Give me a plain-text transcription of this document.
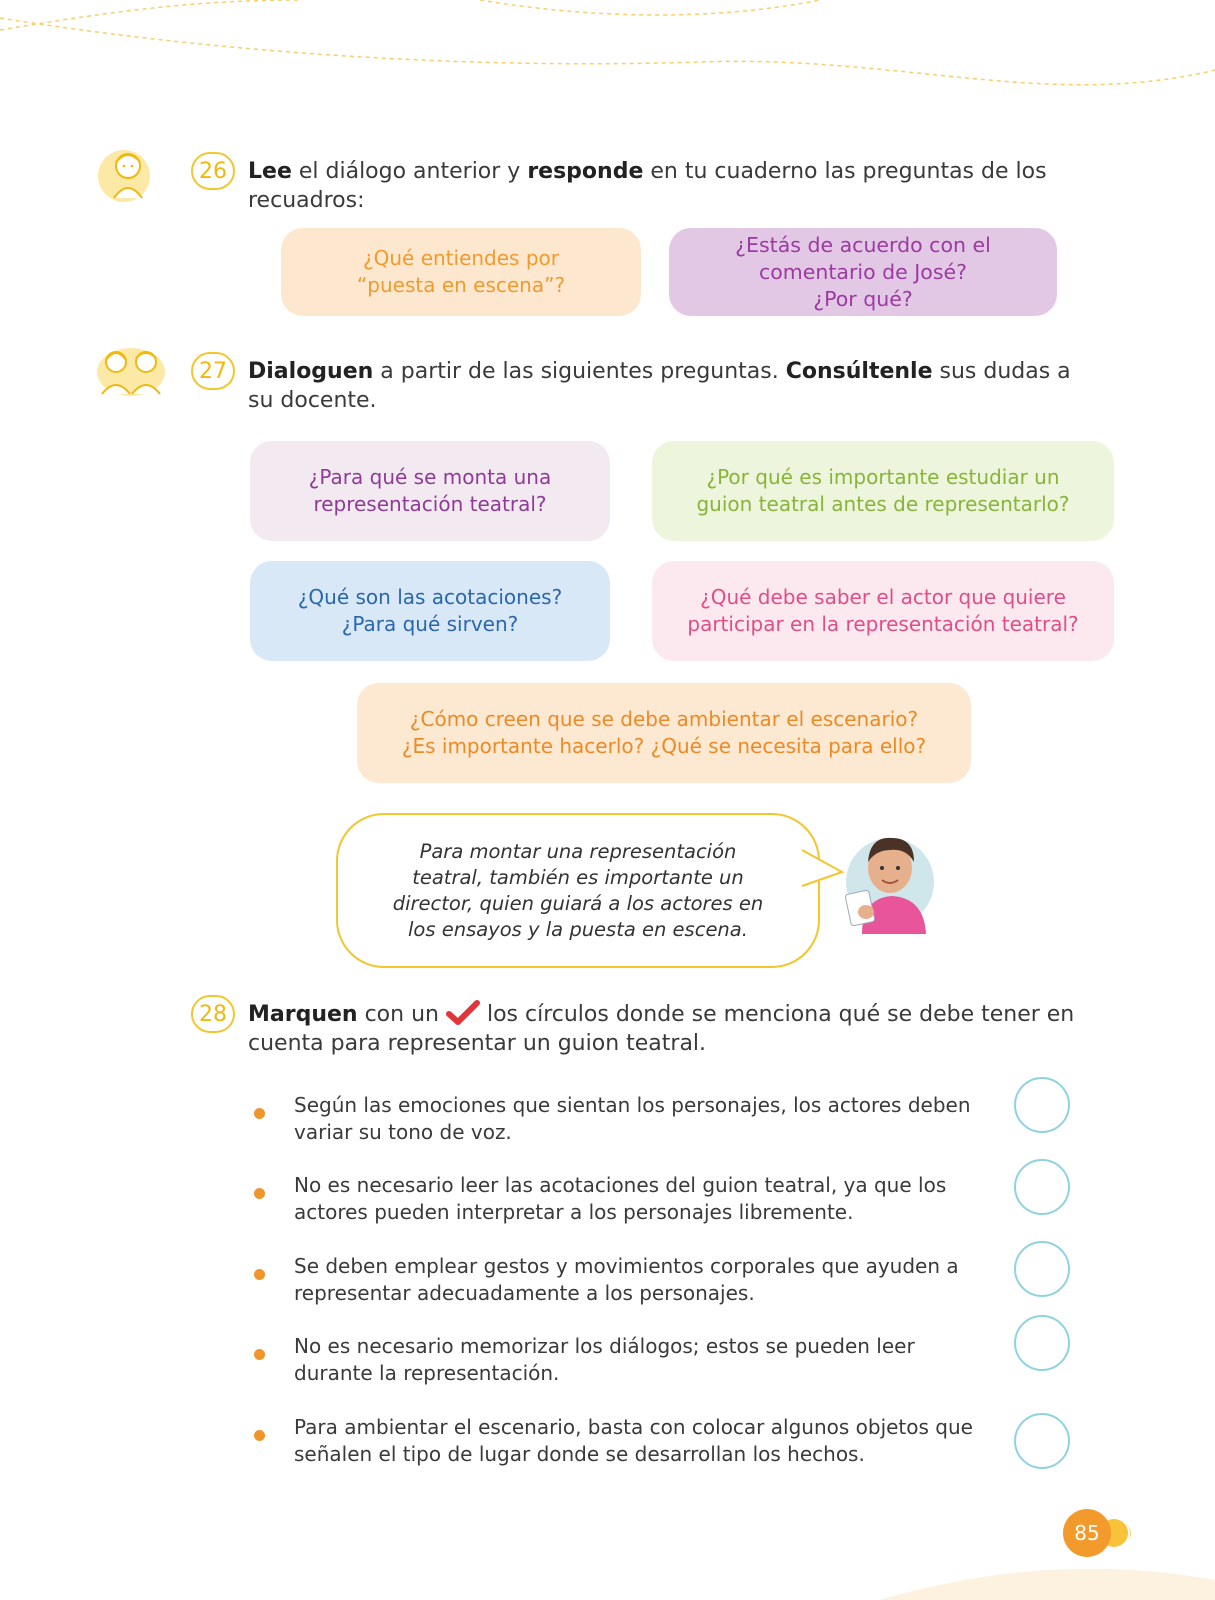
26 Lee el diálogo anterior y responde en tu cuaderno las preguntas de los recuadros:
¿Qué entiendes por
“puesta en escena”?
¿Estás de acuerdo con el
comentario de José?
¿Por qué?
27 Dialoguen a partir de las siguientes preguntas. Consúltenle sus dudas a su docente.
¿Para qué se monta una
representación teatral?
¿Por qué es importante estudiar un
guion teatral antes de representarlo?
¿Qué son las acotaciones?
¿Para qué sirven?
¿Qué debe saber el actor que quiere
participar en la representación teatral?
¿Cómo creen que se debe ambientar el escenario?
¿Es importante hacerlo? ¿Qué se necesita para ello?
Para montar una representación
teatral, también es importante un
director, quien guiará a los actores en
los ensayos y la puesta en escena.
28 Marquen con un  los círculos donde se menciona qué se debe tener en cuenta para representar un guion teatral.
Según las emociones que sientan los personajes, los actores deben variar su tono de voz.
No es necesario leer las acotaciones del guion teatral, ya que los actores pueden interpretar a los personajes libremente.
Se deben emplear gestos y movimientos corporales que ayuden a representar adecuadamente a los personajes.
No es necesario memorizar los diálogos; estos se pueden leer durante la representación.
Para ambientar el escenario, basta con colocar algunos objetos que señalen el tipo de lugar donde se desarrollan los hechos.
85
